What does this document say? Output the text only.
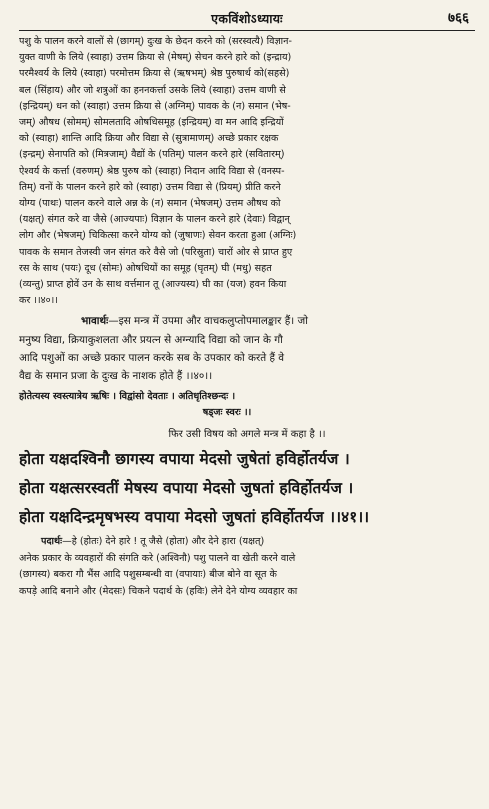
एकविंशोऽध्यायः	७६६

पशु के पालन करने वालों से (छागम्) दुःख के छेदन करने को (सरस्वत्यै) विज्ञान-

युक्त वाणी के लिये (स्वाहा) उत्तम क्रिया से (मेषम्) सेचन करने हारे को (इन्द्राय)

परमैश्वर्य के लिये (स्वाहा) परमोत्तम क्रिया से (ऋषभम्) श्रेष्ठ पुरुषार्थ को(सहसे)

बल (सिंहाय) और जो शत्रुओं का हननकर्त्ता उसके लिये (स्वाहा) उत्तम वाणी से

(इन्द्रियम्) धन को (स्वाहा) उत्तम क्रिया से (अग्निम्) पावक के (न) समान (भेष-

जम्) औषध (सोमम्) सोमलतादि ओषधिसमूह (इन्द्रियम्) वा मन आदि इन्द्रियों

को (स्वाहा) शान्ति आदि क्रिया और विद्या से (सुत्रामाणम्) अच्छे प्रकार रक्षक

(इन्द्रम्) सेनापति को (मित्रजाम्) वैद्यों के (पतिम्) पालन करने हारे (सवितारम्)

ऐश्वर्य के कर्त्ता (वरुणम्) श्रेष्ठ पुरुष को (स्वाहा) निदान आदि विद्या से (वनस्प-

तिम्) वनों के पालन करने हारे को (स्वाहा) उत्तम विद्या से (प्रियम्) प्रीति करने

योग्य (पाथः) पालन करने वाले अन्न के (न) समान (भेषजम्) उत्तम औषध को

(यक्षत्) संगत करे वा जैसे (आज्यपाः) विज्ञान के पालन करने हारे (देवाः) विद्वान्

लोग और (भेषजम्) चिकित्सा करने योग्य को (जुषाणः) सेवन करता हुआ (अग्निः)

पावक के समान तेजस्वी जन संगत करे वैसे जो (परिस्रुता) चारों ओर से प्राप्त हुए

रस के साथ (पयः) दूध (सोमः) ओषधियों का समूह (घृतम्) घी (मधु) सहत

(व्यन्तु) प्राप्त होवें उन के साथ वर्त्तमान तू (आज्यस्य) घी का (यज) हवन किया

कर ।।४०।।

भावार्थः—इस मन्त्र में उपमा और वाचकलुप्तोपमालङ्कार हैं। जो

मनुष्य विद्या, क्रियाकुशलता और प्रयत्न से अग्न्यादि विद्या को जान के गौ

आदि पशुओं का अच्छे प्रकार पालन करके सब के उपकार को करते हैं वे

वैद्य के समान प्रजा के दुःख के नाशक होते हैं ।।४०।।

होतेत्यस्य स्वस्त्यात्रेय ऋषिः । विद्वांसो देवताः । अतिधृतिश्छन्दः ।
षड्जः स्वरः ।।
फिर उसी विषय को अगले मन्त्र में कहा है ।।

होता यक्षदश्विनौ छागस्य वपाया मेदसो जुषेतां हविर्होतर्यज ।

होता यक्षत्सरस्वतीं मेषस्य वपाया मेदसो जुषतां हविर्होतर्यज ।

होता यक्षदिन्द्रमृषभस्य वपाया मेदसो जुषतां हविर्होतर्यज ।।४१।।

पदार्थः—हे (होतः) देने हारे ! तू जैसे (होता) और देने हारा (यक्षत्)

अनेक प्रकार के व्यवहारों की संगति करे (अश्विनौ) पशु पालने वा खेती करने वाले

(छागस्य) बकरा गौ भैंस आदि पशुसम्बन्धी वा (वपायाः) बीज बोने वा सूत के

कपड़े आदि बनाने और (मेदसः) चिकने पदार्थ के (हविः) लेने देने योग्य व्यवहार का
